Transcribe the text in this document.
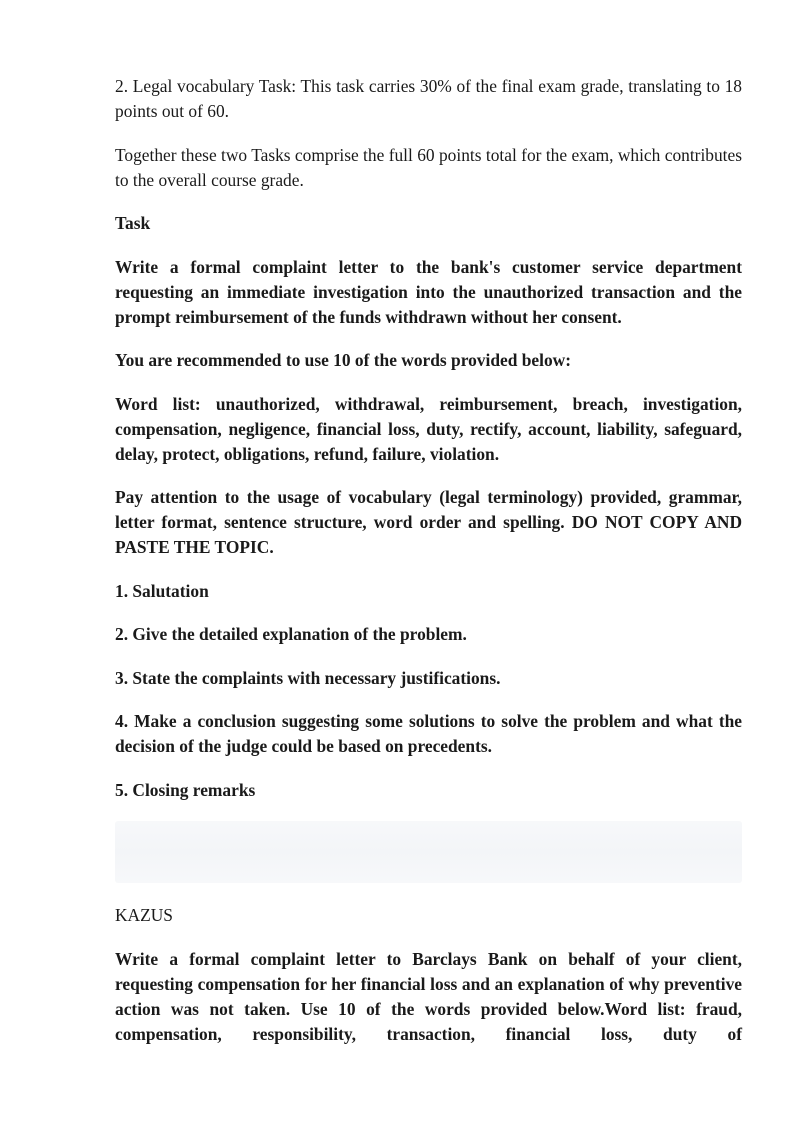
2. Legal vocabulary Task: This task carries 30% of the final exam grade, translating to 18 points out of 60.

Together these two Tasks comprise the full 60 points total for the exam, which contributes to the overall course grade.

Task

Write a formal complaint letter to the bank's customer service department requesting an immediate investigation into the unauthorized transaction and the prompt reimbursement of the funds withdrawn without her consent.

You are recommended to use 10 of the words provided below:

Word list: unauthorized, withdrawal, reimbursement, breach, investigation, compensation, negligence, financial loss, duty, rectify, account, liability, safeguard, delay, protect, obligations, refund, failure, violation.

Pay attention to the usage of vocabulary (legal terminology) provided, grammar, letter format, sentence structure, word order and spelling. DO NOT COPY AND PASTE THE TOPIC.

1. Salutation

2. Give the detailed explanation of the problem.

3. State the complaints with necessary justifications.

4. Make a conclusion suggesting some solutions to solve the problem and what the decision of the judge could be based on precedents.

5. Closing remarks

KAZUS

Write a formal complaint letter to Barclays Bank on behalf of your client, requesting compensation for her financial loss and an explanation of why preventive action was not taken. Use 10 of the words provided below.Word list: fraud, compensation, responsibility, transaction, financial loss, duty of
